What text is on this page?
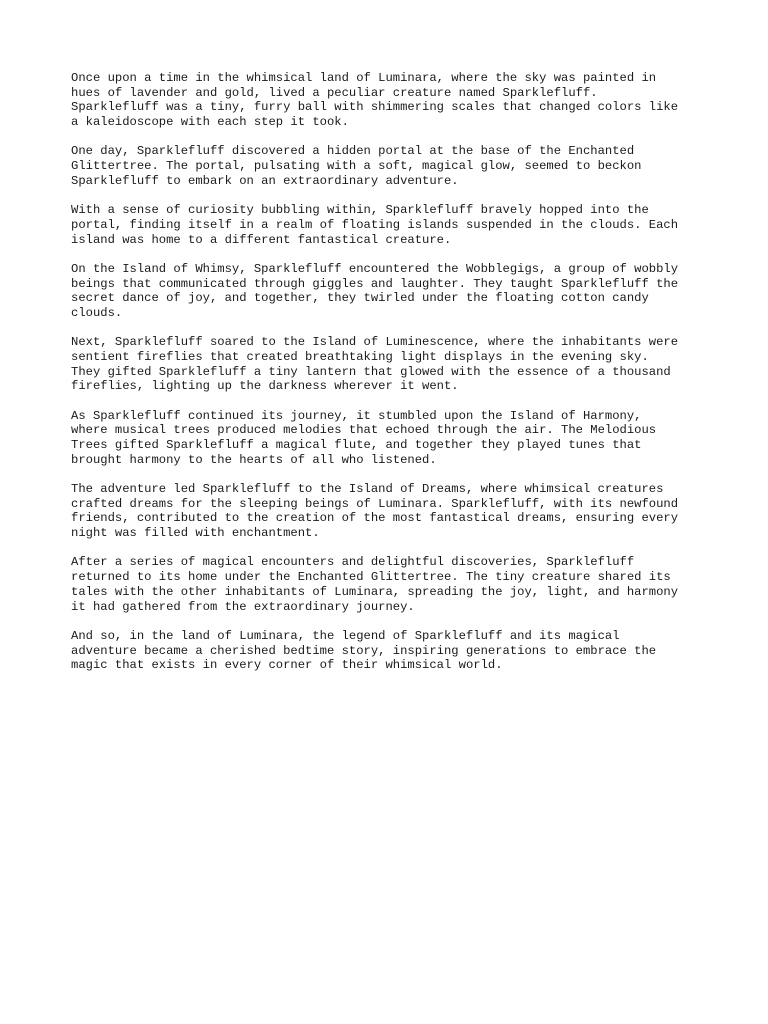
Once upon a time in the whimsical land of Luminara, where the sky was painted in
hues of lavender and gold, lived a peculiar creature named Sparklefluff.
Sparklefluff was a tiny, furry ball with shimmering scales that changed colors like
a kaleidoscope with each step it took.

One day, Sparklefluff discovered a hidden portal at the base of the Enchanted
Glittertree. The portal, pulsating with a soft, magical glow, seemed to beckon
Sparklefluff to embark on an extraordinary adventure.

With a sense of curiosity bubbling within, Sparklefluff bravely hopped into the
portal, finding itself in a realm of floating islands suspended in the clouds. Each
island was home to a different fantastical creature.

On the Island of Whimsy, Sparklefluff encountered the Wobblegigs, a group of wobbly
beings that communicated through giggles and laughter. They taught Sparklefluff the
secret dance of joy, and together, they twirled under the floating cotton candy
clouds.

Next, Sparklefluff soared to the Island of Luminescence, where the inhabitants were
sentient fireflies that created breathtaking light displays in the evening sky.
They gifted Sparklefluff a tiny lantern that glowed with the essence of a thousand
fireflies, lighting up the darkness wherever it went.

As Sparklefluff continued its journey, it stumbled upon the Island of Harmony,
where musical trees produced melodies that echoed through the air. The Melodious
Trees gifted Sparklefluff a magical flute, and together they played tunes that
brought harmony to the hearts of all who listened.

The adventure led Sparklefluff to the Island of Dreams, where whimsical creatures
crafted dreams for the sleeping beings of Luminara. Sparklefluff, with its newfound
friends, contributed to the creation of the most fantastical dreams, ensuring every
night was filled with enchantment.

After a series of magical encounters and delightful discoveries, Sparklefluff
returned to its home under the Enchanted Glittertree. The tiny creature shared its
tales with the other inhabitants of Luminara, spreading the joy, light, and harmony
it had gathered from the extraordinary journey.

And so, in the land of Luminara, the legend of Sparklefluff and its magical
adventure became a cherished bedtime story, inspiring generations to embrace the
magic that exists in every corner of their whimsical world.
